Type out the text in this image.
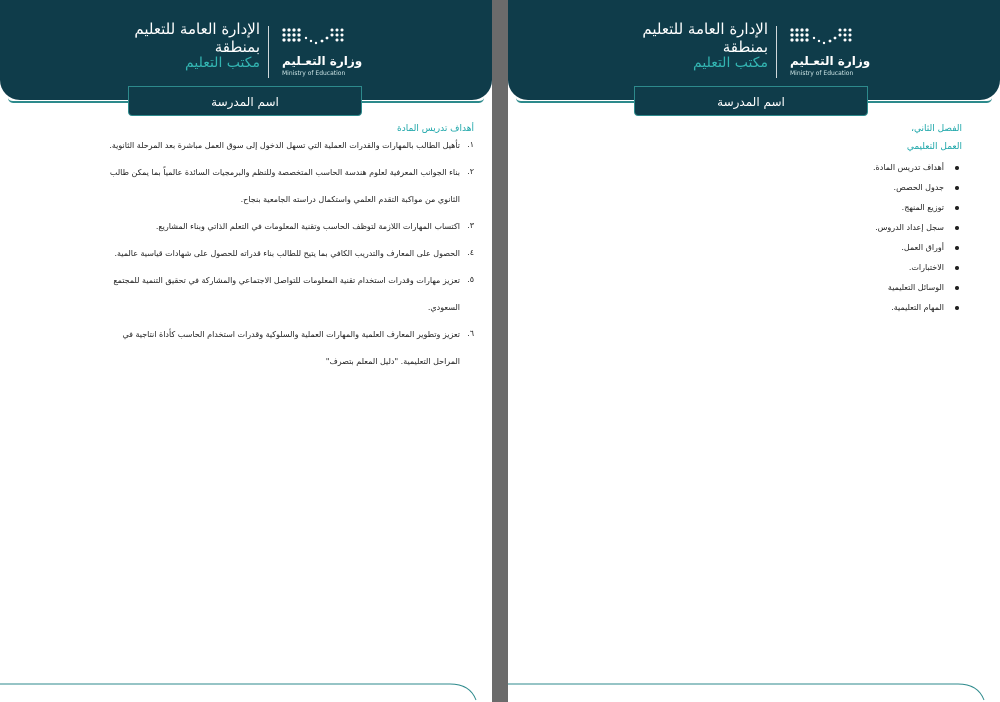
وزارة التعـليم
Ministry of Education
الإدارة العامة للتعليم
بمنطقة
مكتب التعليم
اسم المدرسة
أهداف تدريس المادة
١.
تأهيل الطالب بالمهارات والقدرات العملية التي تسهل الدخول إلى سوق العمل مباشرة بعد المرحلة الثانوية.
٢.
بناء الجوانب المعرفية لعلوم هندسة الحاسب المتخصصة وللنظم والبرمجيات السائدة عالمياً بما يمكن طالب
الثانوي من مواكبة التقدم العلمي واستكمال دراسته الجامعية بنجاح.
٣.
اكتساب المهارات اللازمة لتوظف الحاسب وتقنية المعلومات في التعلم الذاتي وبناء المشاريع.
٤.
الحصول على المعارف والتدريب الكافي بما يتيح للطالب بناء قدراته للحصول على شهادات قياسية عالمية.
٥.
تعزيز مهارات وقدرات استخدام تقنية المعلومات للتواصل الاجتماعي والمشاركة في تحقيق التنمية للمجتمع
السعودي.
٦.
تعزيز وتطوير المعارف العلمية والمهارات العملية والسلوكية وقدرات استخدام الحاسب كأداة انتاجية في
المراحل التعليمية. "دليل المعلم بتصرف"
وزارة التعـليم
Ministry of Education
الإدارة العامة للتعليم
بمنطقة
مكتب التعليم
اسم المدرسة
الفصل الثاني،
العمل التعليمي
أهداف تدريس المادة.
جدول الحصص.
توزيع المنهج.
سجل إعداد الدروس.
أوراق العمل.
الاختبارات.
الوسائل التعليمية
المهام التعليمية.
